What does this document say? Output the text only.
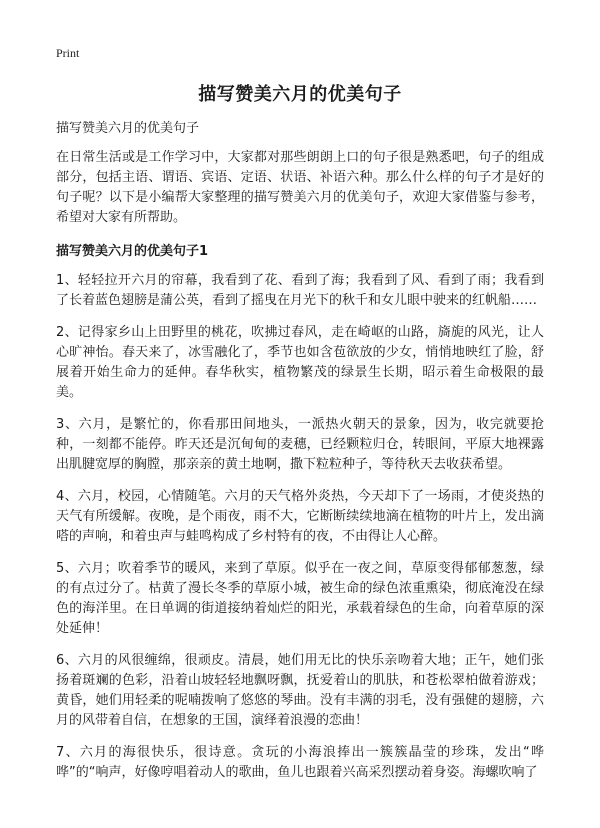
Print
描写赞美六月的优美句子
描写赞美六月的优美句子

在日常生活或是工作学习中，大家都对那些朗朗上口的句子很是熟悉吧，句子的组成部分，包括主语、谓语、宾语、定语、状语、补语六种。那么什么样的句子才是好的句子呢？以下是小编帮大家整理的描写赞美六月的优美句子，欢迎大家借鉴与参考，希望对大家有所帮助。

描写赞美六月的优美句子1

1、轻轻拉开六月的帘幕，我看到了花、看到了海；我看到了风、看到了雨；我看到了长着蓝色翅膀是蒲公英，看到了摇曳在月光下的秋千和女儿眼中驶来的红帆船……

2、记得家乡山上田野里的桃花，吹拂过春风，走在崎岖的山路，旖旎的风光，让人心旷神怡。春天来了，冰雪融化了，季节也如含苞欲放的少女，悄悄地映红了脸，舒展着开始生命力的延伸。春华秋实，植物繁茂的绿景生长期，昭示着生命极限的最美。

3、六月，是繁忙的，你看那田间地头，一派热火朝天的景象，因为，收完就要抢种，一刻都不能停。昨天还是沉甸甸的麦穗，已经颗粒归仓，转眼间，平原大地裸露出肌腱宽厚的胸膛，那亲亲的黄土地啊，撒下粒粒种子，等待秋天去收获希望。

4、六月，校园，心情随笔。六月的天气格外炎热，今天却下了一场雨，才使炎热的天气有所缓解。夜晚，是个雨夜，雨不大，它断断续续地滴在植物的叶片上，发出滴嗒的声响，和着虫声与蛙鸣构成了乡村特有的夜，不由得让人心醉。

5、六月；吹着季节的暖风，来到了草原。似乎在一夜之间，草原变得郁郁葱葱，绿的有点过分了。枯黄了漫长冬季的草原小城，被生命的绿色浓重熏染，彻底淹没在绿色的海洋里。在日单调的街道接纳着灿烂的阳光，承载着绿色的生命，向着草原的深处延伸！

6、六月的风很缠绵，很顽皮。清晨，她们用无比的快乐亲吻着大地；正午，她们张扬着斑斓的色彩，沿着山坡轻轻地飘呀飘，抚爱着山的肌肤，和苍松翠柏做着游戏；黄昏，她们用轻柔的呢喃拨响了悠悠的琴曲。没有丰满的羽毛，没有强健的翅膀，六月的风带着自信，在想象的王国，演绎着浪漫的恋曲！

7、六月的海很快乐，很诗意。贪玩的小海浪捧出一簇簇晶莹的珍珠，发出“哗哗”的“响声，好像哼唱着动人的歌曲，鱼儿也跟着兴高采烈摆动着身姿。海螺吹响了
